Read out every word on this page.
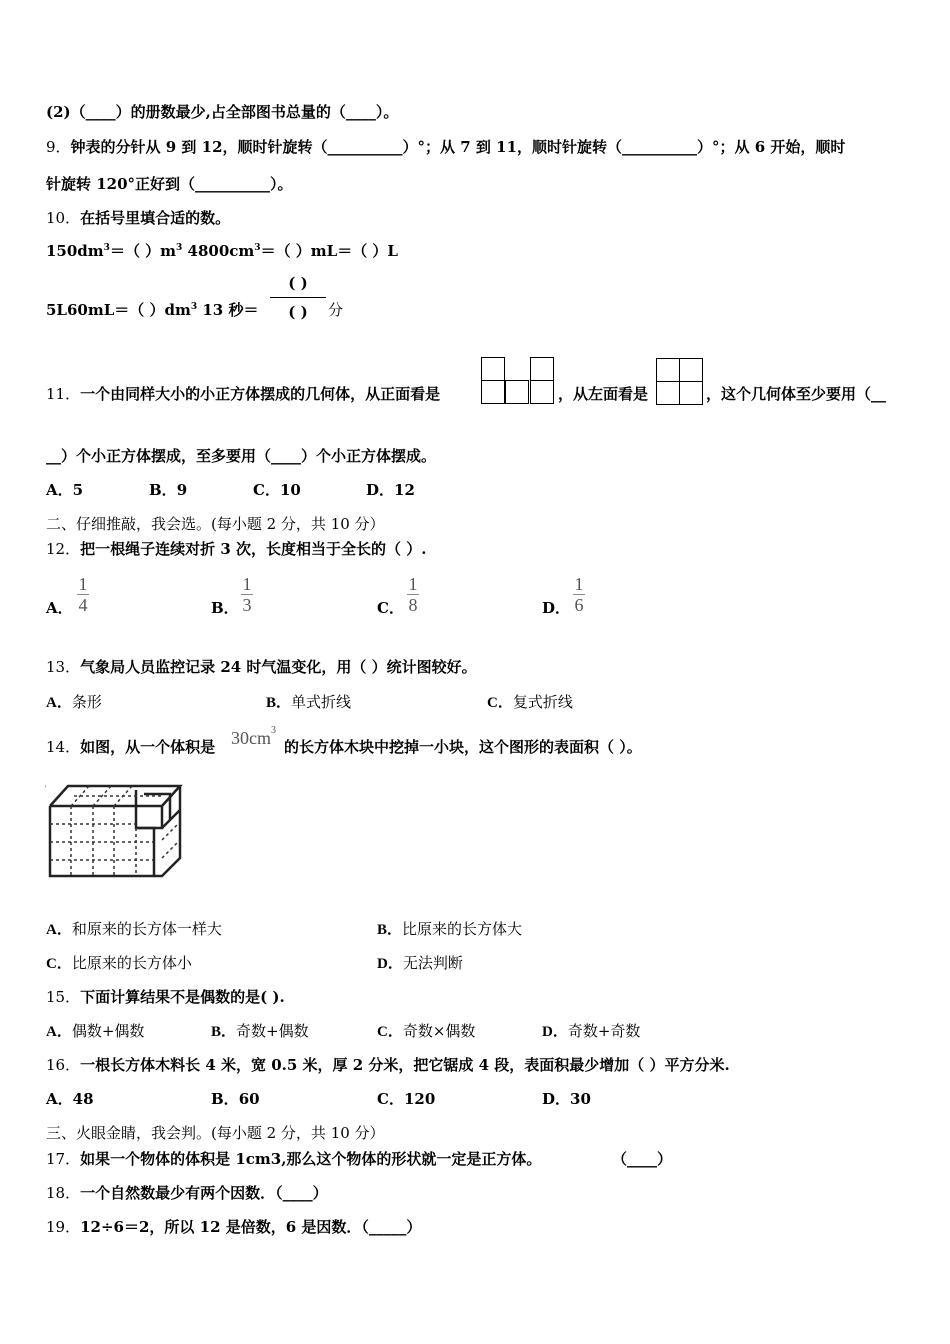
(2)（____）的册数最少,占全部图书总量的（____）。
9．钟表的分针从 9 到 12，顺时针旋转（__________）°；从 7 到 11，顺时针旋转（__________）°；从 6 开始，顺时
针旋转 120°正好到（__________）。
10．在括号里填合适的数。
$150dm^3=$（ ）$m^3$ $4800cm^3=$（ ）mL＝（ ）L
5L60mL＝（ ）$dm^3$ 13 秒＝
( )
( )	分
11．一个由同样大小的小正方体摆成的几何体，从正面看是	，从左面看是	，这个几何体至少要用（__
__）个小正方体摆成，至多要用（____）个小正方体摆成。
A．5	B．9	C．10	D．12
二、仔细推敲，我会选。(每小题 2 分，共 10 分）
12．把一根绳子连续对折 3 次，长度相当于全长的（ ）.
A．
1
4	B．
1
3	C．
1
8	D．
1
6
13．气象局人员监控记录 24 时气温变化，用（ ）统计图较好。
A．条形	B．单式折线	C．复式折线
14．如图，从一个体积是 $30cm^3$
的长方体木块中挖掉一小块，这个图形的表面积（ ）。
'
A．和原来的长方体一样大	B．比原来的长方体大
C．比原来的长方体小	D．无法判断
15．下面计算结果不是偶数的是( ).
A．偶数+偶数	B．奇数+偶数	C．奇数×偶数	D．奇数+奇数
16．一根长方体木料长 4 米，宽 0.5 米，厚 2 分米，把它锯成 4 段，表面积最少增加（ ）平方分米.
A．48	B．60	C．120	D．30
三、火眼金睛，我会判。(每小题 2 分，共 10 分）
17．如果一个物体的体积是 1cm3,那么这个物体的形状就一定是正方体。	（____）
18．一个自然数最少有两个因数．（____）
19．12÷6＝2，所以 12 是倍数，6 是因数．（_____）
